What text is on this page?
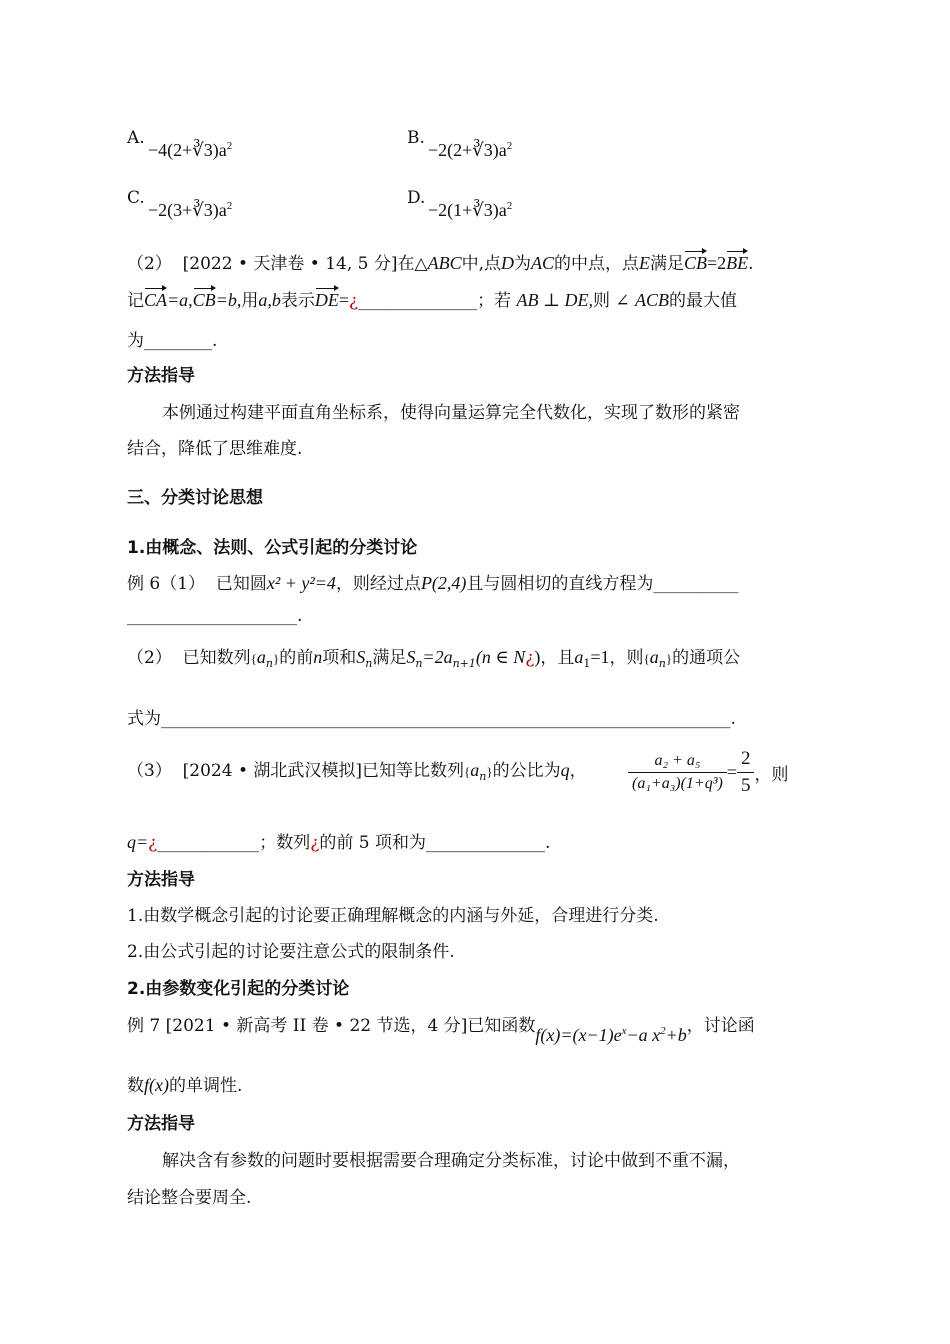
A.
$-4(2+∛3)a^2$	B.
$-2(2+∛3)a^2$
C.
$-2(3+∛3)a^2$	D.
$-2(1+∛3)a^2$
（2） [2022 • 天津卷 • 14, 5 分]在△ABC中,点D为AC的中点，点E满足CB=2BE.
记CA=a,CB=b,用a,b表示DE=¿______________；若 AB ⊥ DE,则 ∠ ACB的最大值
为________.
方法指导
本例通过构建平面直角坐标系，使得向量运算完全代数化，实现了数形的紧密
结合，降低了思维难度.
三、分类讨论思想
1.由概念、法则、公式引起的分类讨论
例 6（1） 已知圆x² + y²=4，则经过点P(2,4)且与圆相切的直线方程为__________
____________________.
（2） 已知数列$\{a_n\}$的前n项和$S_n$满足$S_n=2a_{n+1}(n$ ∈ N¿)，且$a_1=1$，则$\{a_n\}$的通项公
式为___________________________________________________________________.
（3） [2024 • 湖北武汉模拟]已知等比数列$\{a_n\}$的公比为q，	$\frac{\text{a₂ + a₅}}{\text{(a₁+a₃)(1+q³)}} = \frac{2}{5}$ ，则
q=¿____________；数列¿的前 5 项和为______________.
方法指导
1.由数学概念引起的讨论要正确理解概念的内涵与外延，合理进行分类.
2.由公式引起的讨论要注意公式的限制条件.
2.由参数变化引起的分类讨论
例 7 [2021 • 新高考 II 卷 • 22 节选，4 分]已知函数$f(x)=(x-1)e^x-a$ $x^2+b$，讨论函
数f(x)的单调性.
方法指导
解决含有参数的问题时要根据需要合理确定分类标准，讨论中做到不重不漏，
结论整合要周全.
